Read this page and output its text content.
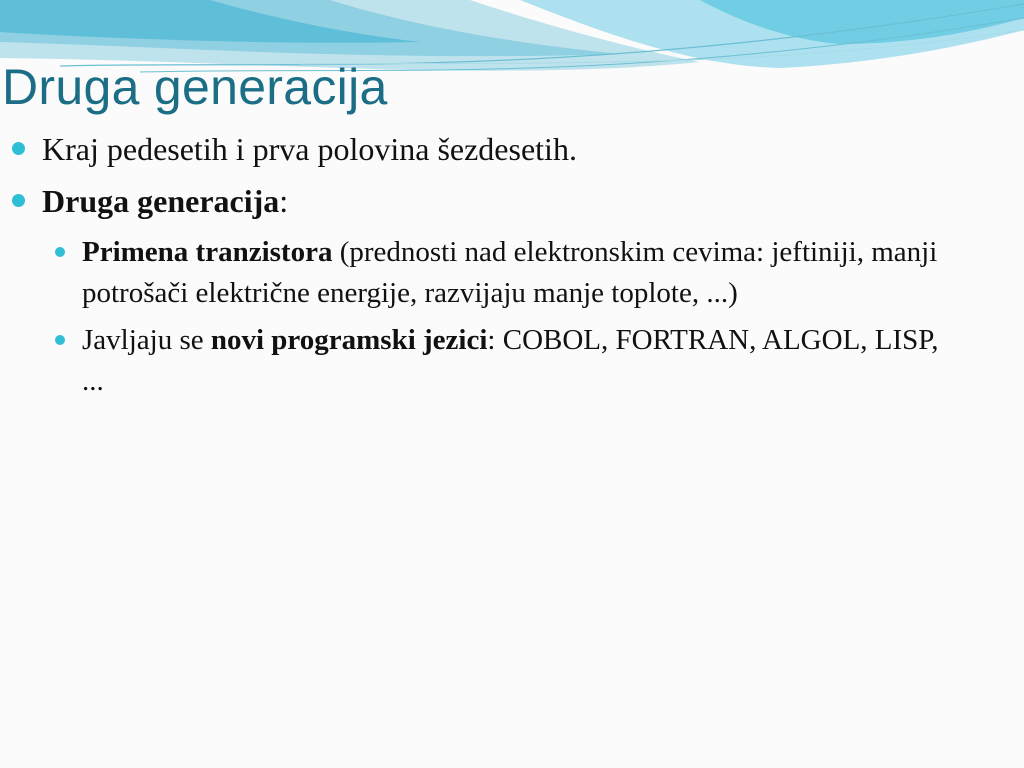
Druga generacija
Kraj pedesetih i prva polovina šezdesetih.
Druga generacija:
Primena tranzistora (prednosti nad elektronskim cevima: jeftiniji, manji potrošači električne energije, razvijaju manje toplote, ...)
Javljaju se novi programski jezici: COBOL, FORTRAN, ALGOL, LISP, ...
